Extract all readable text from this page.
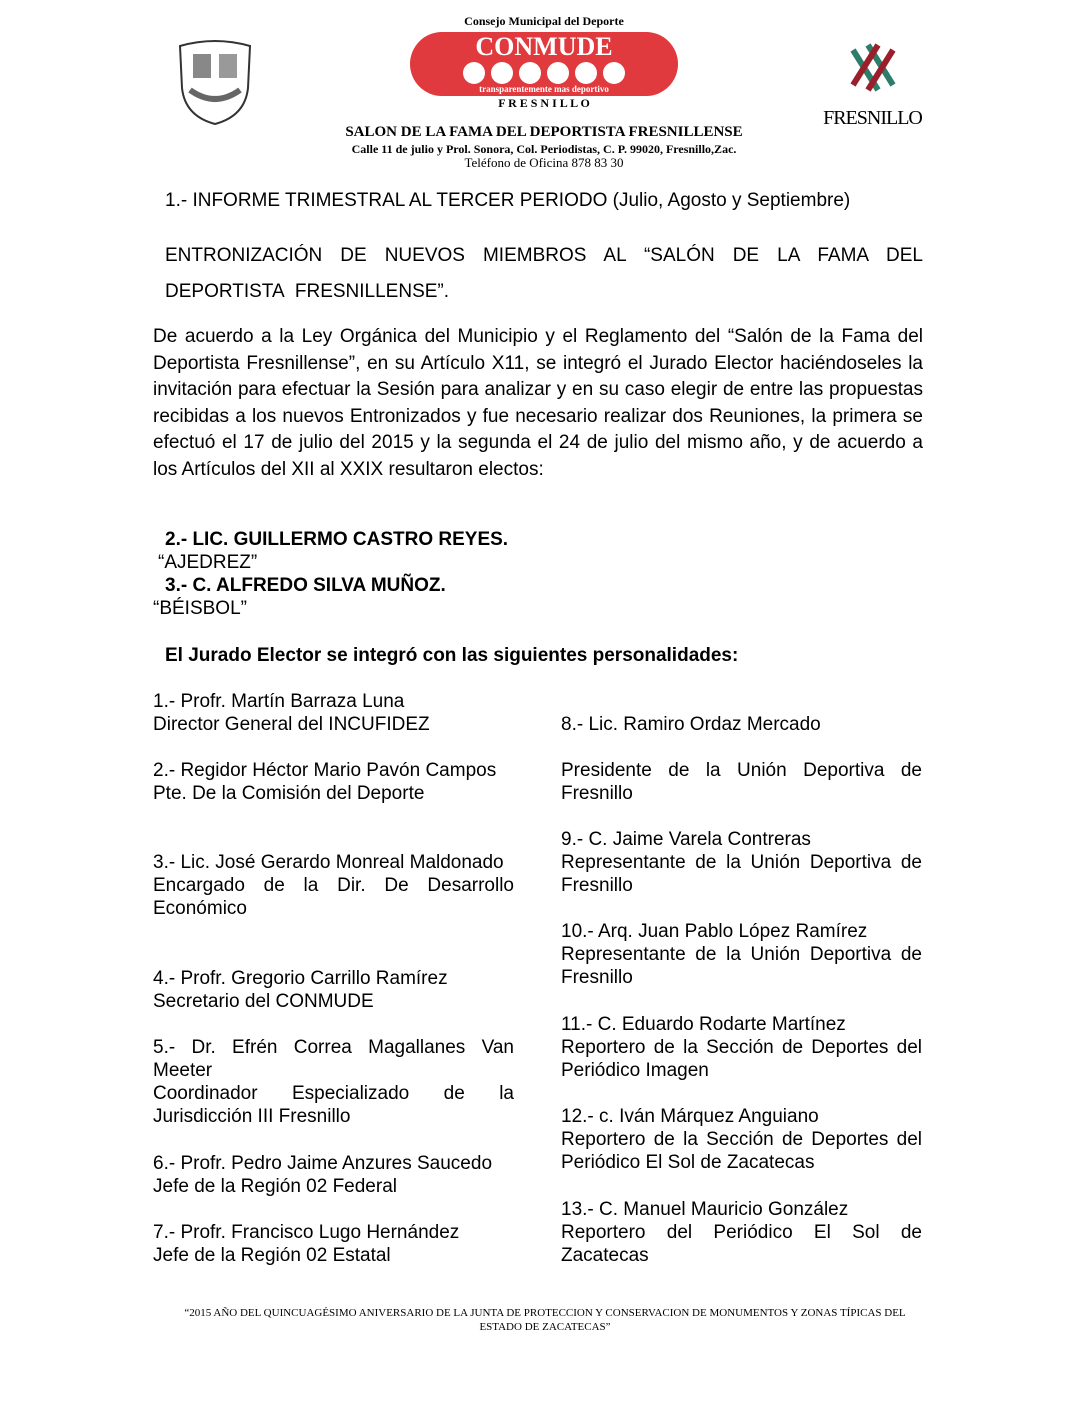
Consejo Municipal del Deporte
CONMUDE
transparentemente mas deportivo
F R E S N I L L O
FRESNILLO
SALON DE LA FAMA DEL DEPORTISTA FRESNILLENSE
Calle 11 de julio y Prol. Sonora, Col. Periodistas, C. P. 99020, Fresnillo,Zac.
Teléfono de Oficina 878 83 30
1.- INFORME TRIMESTRAL AL TERCER PERIODO (Julio, Agosto y Septiembre)
ENTRONIZACIÓN DE NUEVOS MIEMBROS AL “SALÓN DE LA FAMA DEL DEPORTISTA FRESNILLENSE”.
De acuerdo a la Ley Orgánica del Municipio y el Reglamento del “Salón de la Fama del Deportista Fresnillense”, en su Artículo X11, se integró el Jurado Elector haciéndoseles la invitación para efectuar la Sesión para analizar y en su caso elegir de entre las propuestas recibidas a los nuevos Entronizados y fue necesario realizar dos Reuniones, la primera se efectuó el 17 de julio del 2015 y la segunda el 24 de julio del mismo año, y de acuerdo a los Artículos del XII al XXIX resultaron electos:
2.- LIC. GUILLERMO CASTRO REYES.
“AJEDREZ”
3.- C. ALFREDO SILVA MUÑOZ.
“BÉISBOL”
El Jurado Elector se integró con las siguientes personalidades:
1.- Profr. Martín Barraza Luna
Director General del INCUFIDEZ
2.- Regidor Héctor Mario Pavón Campos
Pte. De la Comisión del Deporte
3.- Lic. José Gerardo Monreal Maldonado
Encargado de la Dir. De Desarrollo Económico
4.- Profr. Gregorio Carrillo Ramírez
Secretario del CONMUDE
5.- Dr. Efrén Correa Magallanes Van Meeter
Coordinador Especializado de la Jurisdicción III Fresnillo
6.- Profr. Pedro Jaime Anzures Saucedo
Jefe de la Región 02 Federal
7.- Profr. Francisco Lugo Hernández
Jefe de la Región 02 Estatal
8.- Lic. Ramiro Ordaz Mercado
Presidente de la Unión Deportiva de Fresnillo
9.- C. Jaime Varela Contreras
Representante de la Unión Deportiva de Fresnillo
10.- Arq. Juan Pablo López Ramírez
Representante de la Unión Deportiva de Fresnillo
11.- C. Eduardo Rodarte Martínez
Reportero de la Sección de Deportes del Periódico Imagen
12.- c. Iván Márquez Anguiano
Reportero de la Sección de Deportes del Periódico El Sol de Zacatecas
13.- C. Manuel Mauricio González
Reportero del Periódico El Sol de Zacatecas
“2015 AÑO DEL QUINCUAGÉSIMO ANIVERSARIO DE LA JUNTA DE PROTECCION Y CONSERVACION DE MONUMENTOS Y ZONAS TÍPICAS DEL ESTADO DE ZACATECAS”
